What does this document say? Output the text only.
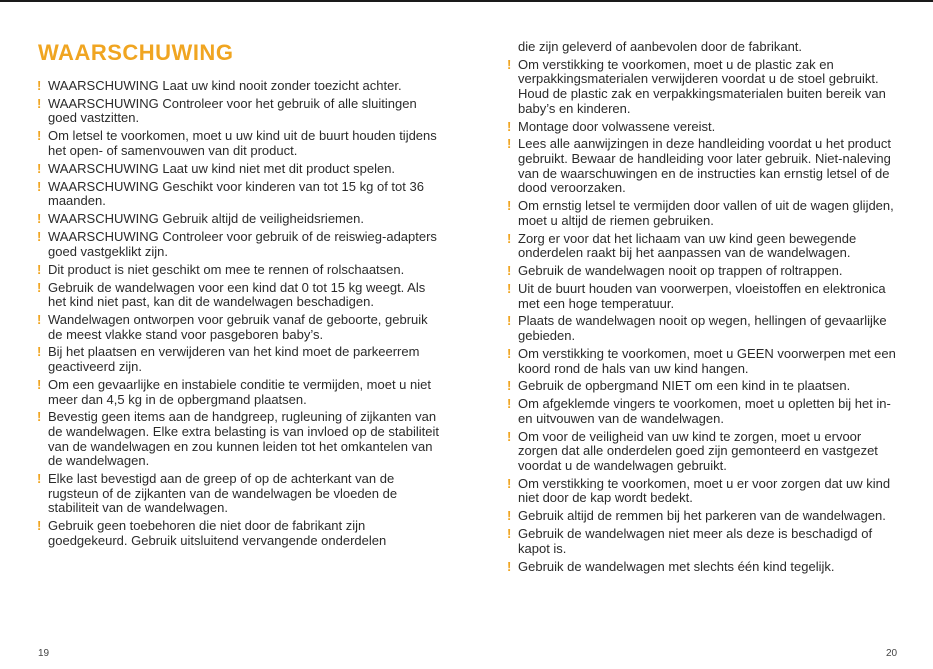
WAARSCHUWING
! WAARSCHUWING Laat uw kind nooit zonder toezicht achter.
! WAARSCHUWING Controleer voor het gebruik of alle sluitingen goed vastzitten.
! Om letsel te voorkomen, moet u uw kind uit de buurt houden tijdens het open- of samenvouwen van dit product.
! WAARSCHUWING Laat uw kind niet met dit product spelen.
! WAARSCHUWING Geschikt voor kinderen van tot 15 kg of tot 36 maanden.
! WAARSCHUWING Gebruik altijd de veiligheidsriemen.
! WAARSCHUWING Controleer voor gebruik of de reiswieg-adapters goed vastgeklikt zijn.
! Dit product is niet geschikt om mee te rennen of rolschaatsen.
! Gebruik de wandelwagen voor een kind dat 0 tot 15 kg weegt. Als het kind niet past, kan dit de wandelwagen beschadigen.
! Wandelwagen ontworpen voor gebruik vanaf de geboorte, gebruik de meest vlakke stand voor pasgeboren baby’s.
! Bij het plaatsen en verwijderen van het kind moet de parkeerrem geactiveerd zijn.
! Om een gevaarlijke en instabiele conditie te vermijden, moet u niet meer dan 4,5 kg in de opbergmand plaatsen.
! Bevestig geen items aan de handgreep, rugleuning of zijkanten van de wandelwagen. Elke extra belasting is van invloed op de stabiliteit van de wandelwagen en zou kunnen leiden tot het omkantelen van de wandelwagen.
! Elke last bevestigd aan de greep of op de achterkant van de rugsteun of de zijkanten van de wandelwagen be vloeden de stabiliteit van de wandelwagen.
! Gebruik geen toebehoren die niet door de fabrikant zijn goedgekeurd. Gebruik uitsluitend vervangende onderdelen
die zijn geleverd of aanbevolen door de fabrikant.
! Om verstikking te voorkomen, moet u de plastic zak en verpakkingsmaterialen verwijderen voordat u de stoel gebruikt. Houd de plastic zak en verpakkingsmaterialen buiten bereik van baby’s en kinderen.
! Montage door volwassene vereist.
! Lees alle aanwijzingen in deze handleiding voordat u het product gebruikt. Bewaar de handleiding voor later gebruik. Niet-naleving van de waarschuwingen en de instructies kan ernstig letsel of de dood veroorzaken.
! Om ernstig letsel te vermijden door vallen of uit de wagen glijden, moet u altijd de riemen gebruiken.
! Zorg er voor dat het lichaam van uw kind geen bewegende onderdelen raakt bij het aanpassen van de wandelwagen.
! Gebruik de wandelwagen nooit op trappen of roltrappen.
! Uit de buurt houden van voorwerpen, vloeistoffen en elektronica met een hoge temperatuur.
! Plaats de wandelwagen nooit op wegen, hellingen of gevaarlijke gebieden.
! Om verstikking te voorkomen, moet u GEEN voorwerpen met een koord rond de hals van uw kind hangen.
! Gebruik de opbergmand NIET om een kind in te plaatsen.
! Om afgeklemde vingers te voorkomen, moet u opletten bij het in- en uitvouwen van de wandelwagen.
! Om voor de veiligheid van uw kind te zorgen, moet u ervoor zorgen dat alle onderdelen goed zijn gemonteerd en vastgezet voordat u de wandelwagen gebruikt.
! Om verstikking te voorkomen, moet u er voor zorgen dat uw kind niet door de kap wordt bedekt.
! Gebruik altijd de remmen bij het parkeren van de wandelwagen.
! Gebruik de wandelwagen niet meer als deze is beschadigd of kapot is.
! Gebruik de wandelwagen met slechts één kind tegelijk.
19	20
